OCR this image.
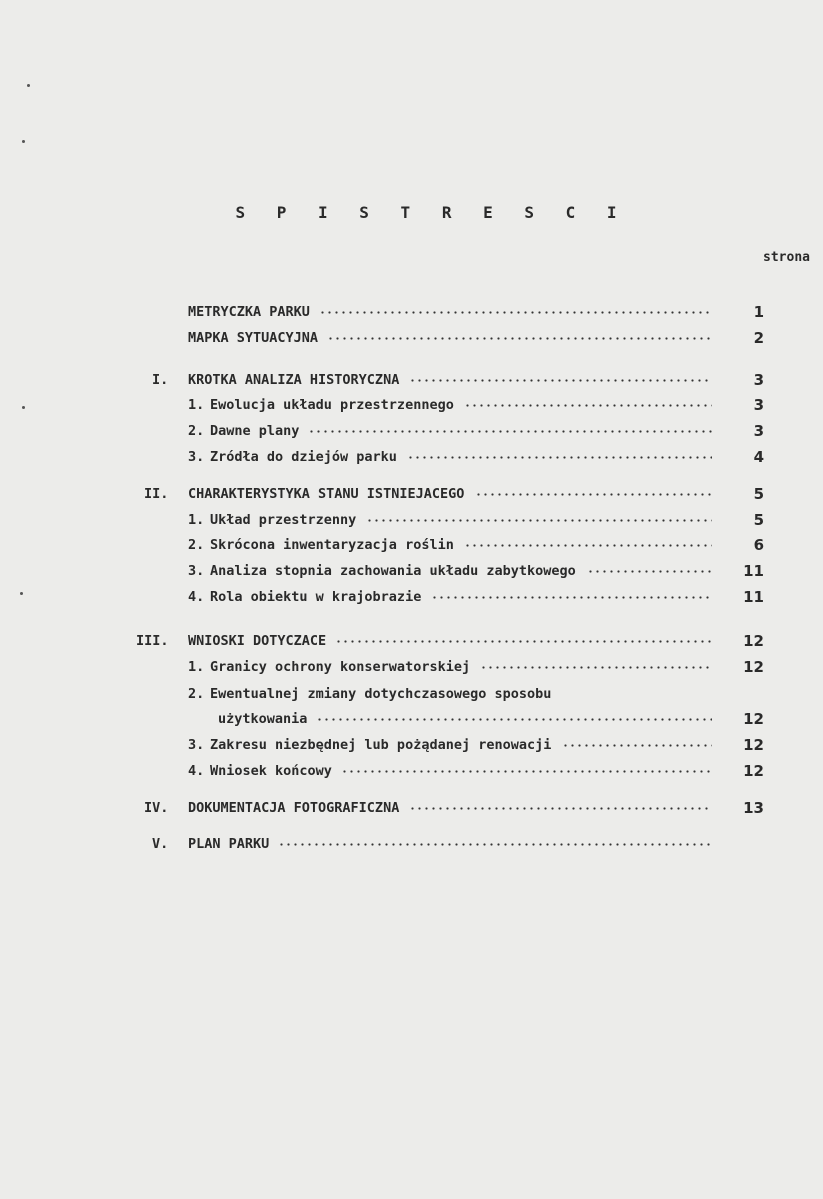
S P I S T R E S C I
strona
METRYCZKA PARKU	1
MAPKA SYTUACYJNA	2
I. KROTKA ANALIZA HISTORYCZNA	3
1. Ewolucja układu przestrzennego	3
2. Dawne plany	3
3. Zródła do dziejów parku	4
II. CHARAKTERYSTYKA STANU ISTNIEJACEGO	5
1. Układ przestrzenny	5
2. Skrócona inwentaryzacja roślin	6
3. Analiza stopnia zachowania układu zabytkowego	11
4. Rola obiektu w krajobrazie	11
III. WNIOSKI DOTYCZACE	12
1. Granicy ochrony konserwatorskiej	12
2. Ewentualnej zmiany dotychczasowego sposobu
użytkowania	12
3. Zakresu niezbędnej lub pożądanej renowacji	12
4. Wniosek końcowy	12
IV. DOKUMENTACJA FOTOGRAFICZNA	13
V. PLAN PARKU
